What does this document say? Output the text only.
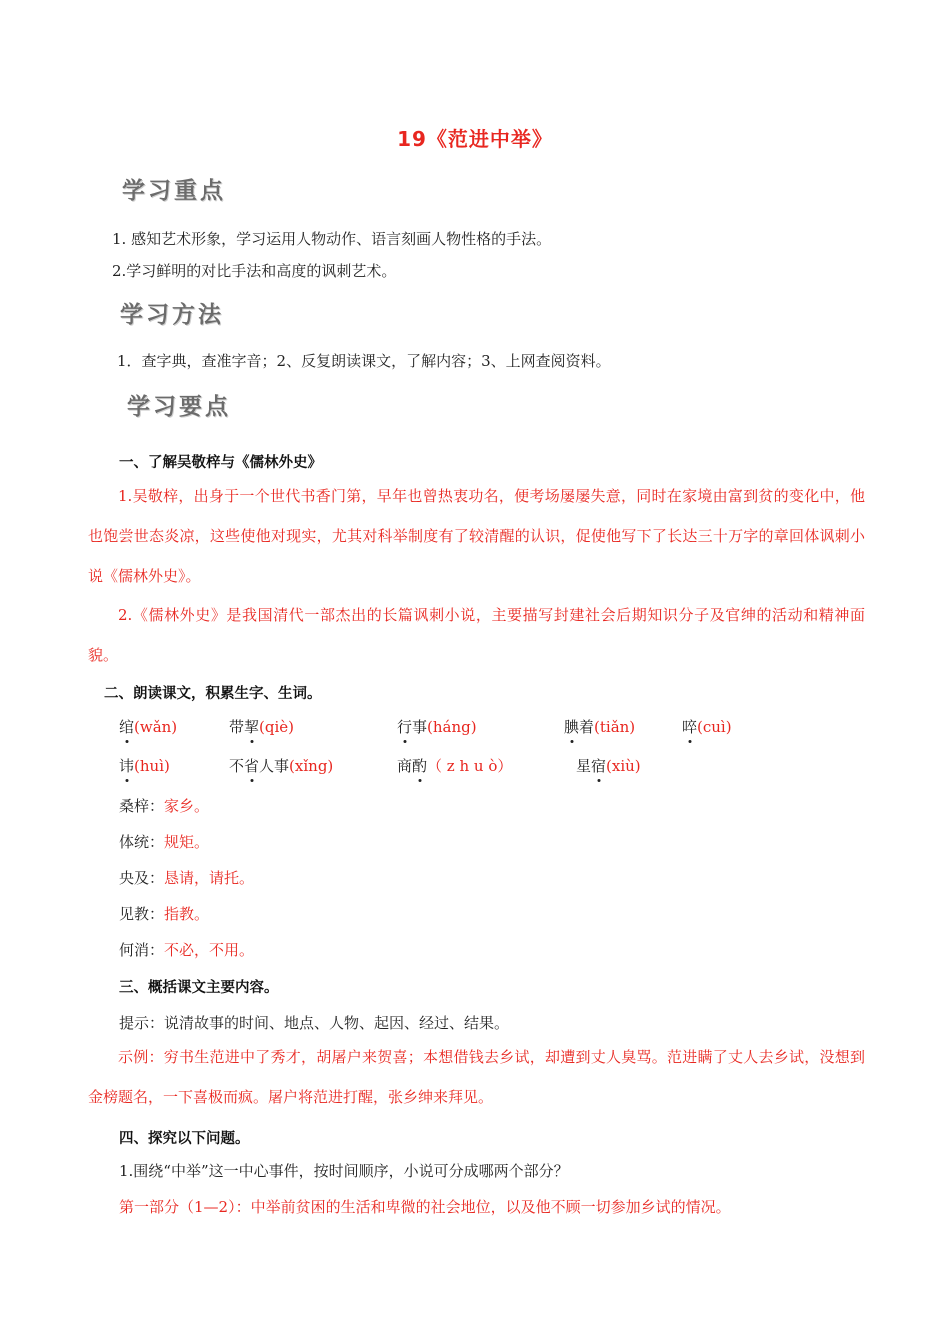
19《范进中举》
学习重点
1. 感知艺术形象，学习运用人物动作、语言刻画人物性格的手法。
2.学习鲜明的对比手法和高度的讽刺艺术。
学习方法
1．查字典，查准字音；2、反复朗读课文，了解内容；3、上网查阅资料。
学习要点
一、了解吴敬梓与《儒林外史》
1.吴敬梓，出身于一个世代书香门第，早年也曾热衷功名，便考场屡屡失意，同时在家境由富到贫的变化中，他也饱尝世态炎凉，这些使他对现实，尤其对科举制度有了较清醒的认识，促使他写下了长达三十万字的章回体讽刺小说《儒林外史》。
2.《儒林外史》是我国清代一部杰出的长篇讽刺小说，主要描写封建社会后期知识分子及官绅的活动和精神面貌。
二、朗读课文，积累生字、生词。
绾(wǎn)	带挈(qiè)	行事(háng)	腆着(tiǎn)	啐(cuì)
讳(huì)	不省人事(xǐng)	商酌（ z h u ò）	星宿(xiù)
桑梓：家乡。
体统：规矩。
央及：恳请，请托。
见教：指教。
何消：不必，不用。
三、概括课文主要内容。
提示：说清故事的时间、地点、人物、起因、经过、结果。
示例：穷书生范进中了秀才，胡屠户来贺喜；本想借钱去乡试，却遭到丈人臭骂。范进瞒了丈人去乡试，没想到金榜题名，一下喜极而疯。屠户将范进打醒，张乡绅来拜见。
四、探究以下问题。
1.围绕“中举”这一中心事件，按时间顺序，小说可分成哪两个部分？
第一部分（1—2）：中举前贫困的生活和卑微的社会地位，以及他不顾一切参加乡试的情况。
